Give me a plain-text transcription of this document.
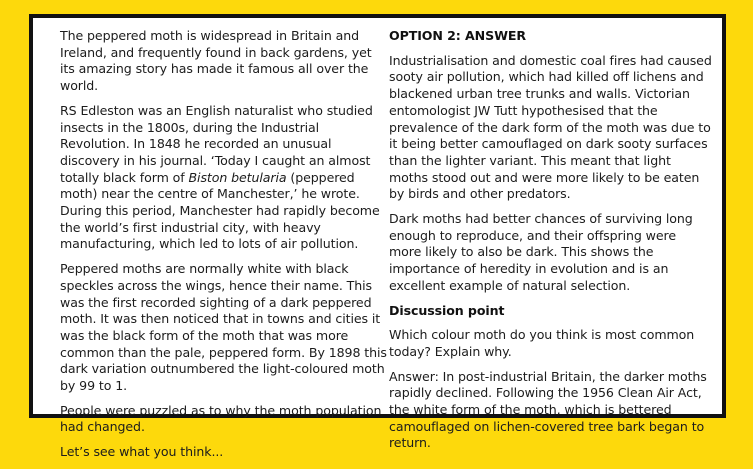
The peppered moth is widespread in Britain and Ireland, and frequently found in back gardens, yet its amazing story has made it famous all over the world.

RS Edleston was an English naturalist who studied insects in the 1800s, during the Industrial Revolution. In 1848 he recorded an unusual discovery in his journal. ‘Today I caught an almost totally black form of Biston betularia (peppered moth) near the centre of Manchester,’ he wrote. During this period, Manchester had rapidly become the world’s first industrial city, with heavy manufacturing, which led to lots of air pollution.

Peppered moths are normally white with black speckles across the wings, hence their name. This was the first recorded sighting of a dark peppered moth. It was then noticed that in towns and cities it was the black form of the moth that was more common than the pale, peppered form. By 1898 this dark variation outnumbered the light-coloured moth by 99 to 1.

People were puzzled as to why the moth population had changed.

Let’s see what you think...

OPTION 2: ANSWER

Industrialisation and domestic coal fires had caused sooty air pollution, which had killed off lichens and blackened urban tree trunks and walls. Victorian entomologist JW Tutt hypothesised that the prevalence of the dark form of the moth was due to it being better camouflaged on dark sooty surfaces than the lighter variant. This meant that light moths stood out and were more likely to be eaten by birds and other predators.

Dark moths had better chances of surviving long enough to reproduce, and their offspring were more likely to also be dark. This shows the importance of heredity in evolution and is an excellent example of natural selection.

Discussion point

Which colour moth do you think is most common today? Explain why.

Answer: In post-industrial Britain, the darker moths rapidly declined. Following the 1956 Clean Air Act, the white form of the moth, which is bettered camouflaged on lichen-covered tree bark began to return.
